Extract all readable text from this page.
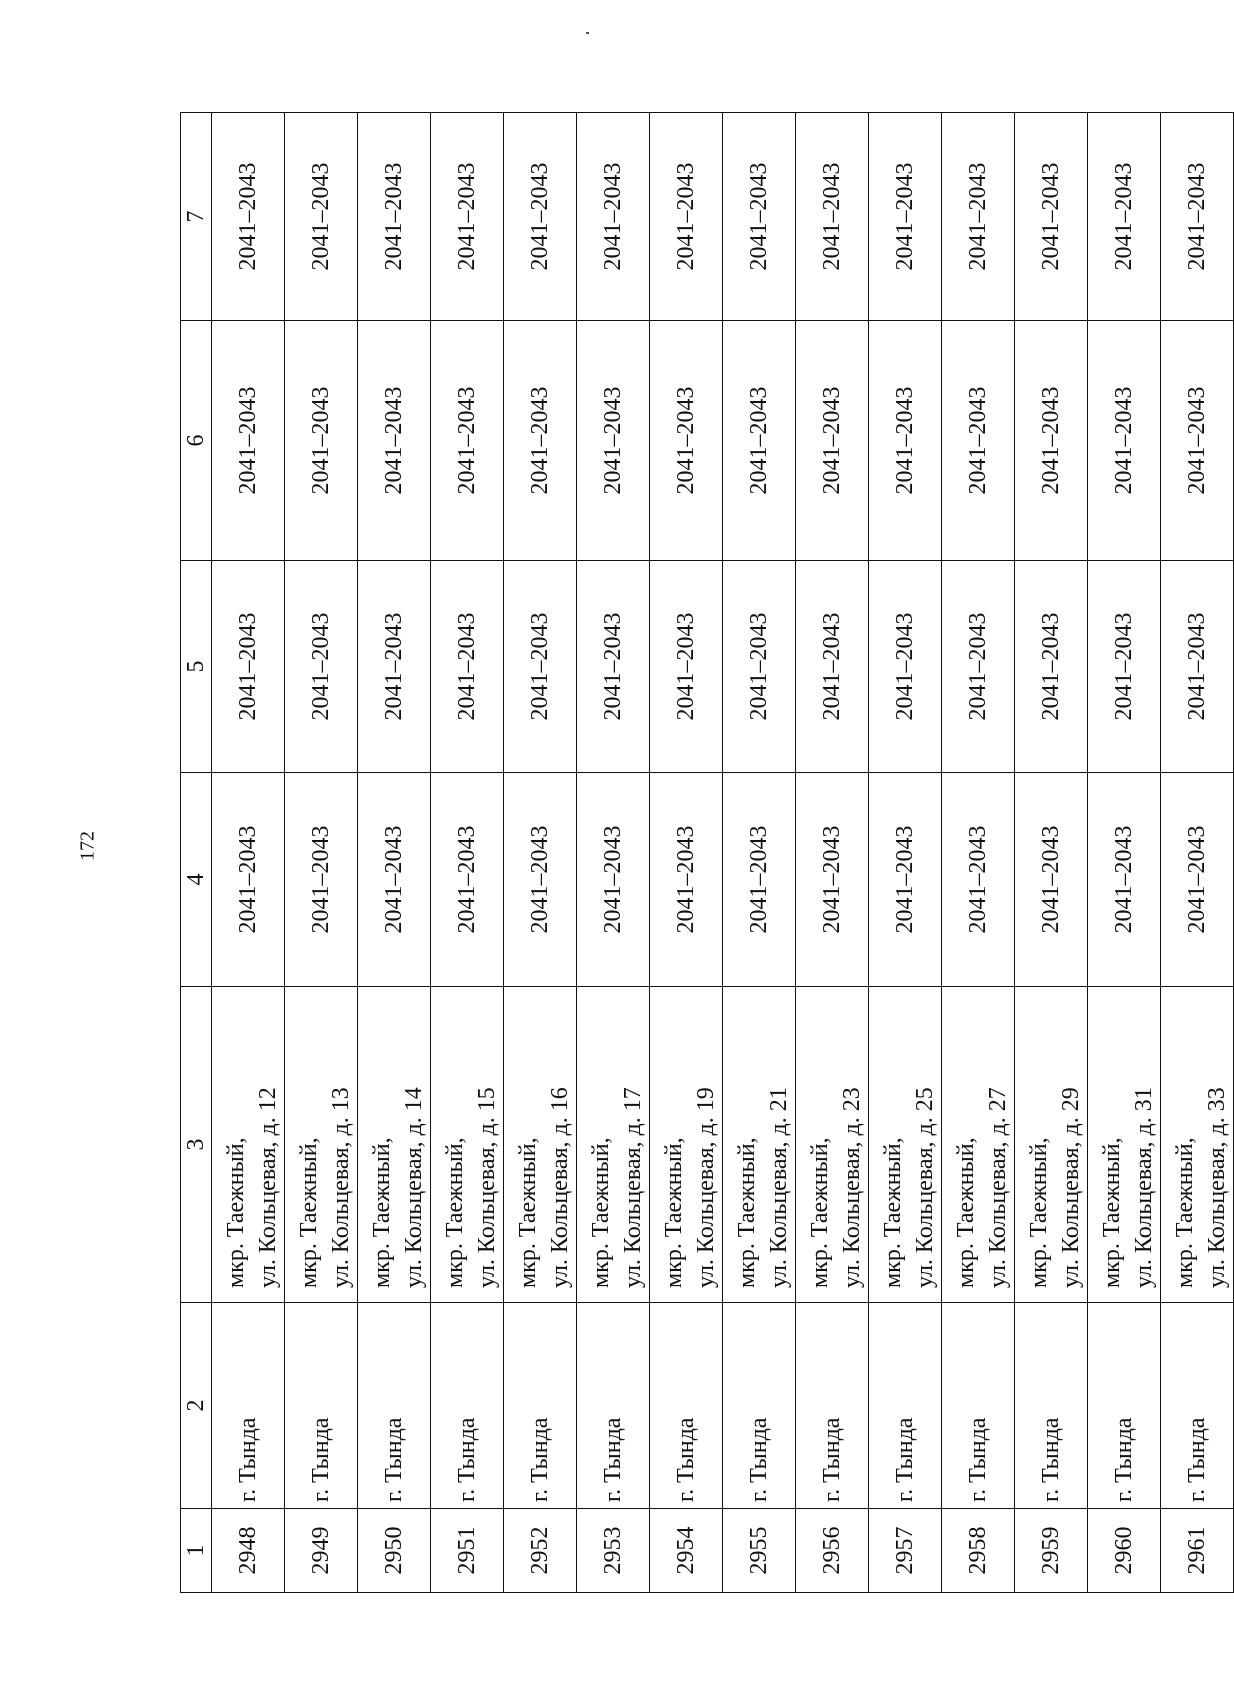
172
1	2	3	4	5	6	7
2948	г. Тында	мкр. Таежный, ул. Кольцевая, д. 12	2041–2043	2041–2043	2041–2043	2041–2043
2949	г. Тында	мкр. Таежный, ул. Кольцевая, д. 13	2041–2043	2041–2043	2041–2043	2041–2043
2950	г. Тында	мкр. Таежный, ул. Кольцевая, д. 14	2041–2043	2041–2043	2041–2043	2041–2043
2951	г. Тында	мкр. Таежный, ул. Кольцевая, д. 15	2041–2043	2041–2043	2041–2043	2041–2043
2952	г. Тында	мкр. Таежный, ул. Кольцевая, д. 16	2041–2043	2041–2043	2041–2043	2041–2043
2953	г. Тында	мкр. Таежный, ул. Кольцевая, д. 17	2041–2043	2041–2043	2041–2043	2041–2043
2954	г. Тында	мкр. Таежный, ул. Кольцевая, д. 19	2041–2043	2041–2043	2041–2043	2041–2043
2955	г. Тында	мкр. Таежный, ул. Кольцевая, д. 21	2041–2043	2041–2043	2041–2043	2041–2043
2956	г. Тында	мкр. Таежный, ул. Кольцевая, д. 23	2041–2043	2041–2043	2041–2043	2041–2043
2957	г. Тында	мкр. Таежный, ул. Кольцевая, д. 25	2041–2043	2041–2043	2041–2043	2041–2043
2958	г. Тында	мкр. Таежный, ул. Кольцевая, д. 27	2041–2043	2041–2043	2041–2043	2041–2043
2959	г. Тында	мкр. Таежный, ул. Кольцевая, д. 29	2041–2043	2041–2043	2041–2043	2041–2043
2960	г. Тында	мкр. Таежный, ул. Кольцевая, д. 31	2041–2043	2041–2043	2041–2043	2041–2043
2961	г. Тында	мкр. Таежный, ул. Кольцевая, д. 33	2041–2043	2041–2043	2041–2043	2041–2043
